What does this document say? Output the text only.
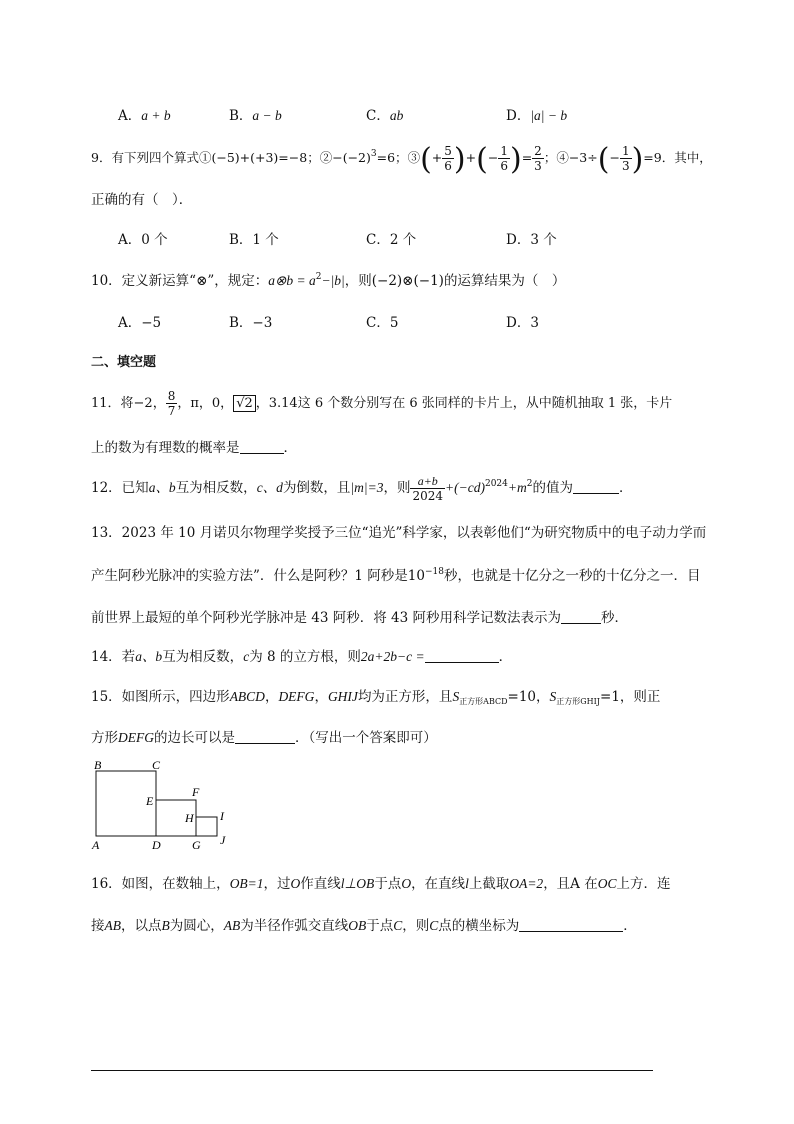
A．a + b	B．a − b	C．ab	D．|a| − b
9．有下列四个算式①(−5)+(+3)=−8；$②-(-2)^3=6$；③(+ $\frac{5}{6}$ )+(− $\frac{1}{6}$ )= $\frac{2}{3}$ ；④−3÷(− $\frac{1}{3} )=9$．其中，
正确的有（　）．
A．0 个	B．1 个	C．2 个	D．3 个
10．定义新运算“⊗”，规定：a⊗b = $a^2-|b|$，则(−2)⊗(−1)的运算结果为（　）
A．−5	B．−3	C．5	D．3
二、填空题
11．将−2， $\frac{8}{7}$ ，π，0， √2 ，3.14这 6 个数分别写在 6 张同样的卡片上，从中随机抽取 1 张，卡片
上的数为有理数的概率是	．
12．已知a、b互为相反数，c、d为倒数，且|m|=3，则 $\frac{a+b}{2024} +(-cd)^{2024}+m^2$的值为	．
13．2023 年 10 月诺贝尔物理学奖授予三位“追光”科学家，以表彰他们“为研究物质中的电子动力学而
产生阿秒光脉冲的实验方法”．什么是阿秒？1 阿秒是$10^{-18}$秒，也就是十亿分之一秒的十亿分之一．目
前世界上最短的单个阿秒光学脉冲是 43 阿秒．将 43 阿秒用科学记数法表示为	秒．
14．若a、b互为相反数，c为 8 的立方根，则2a+2b−c =	．
15．如图所示，四边形ABCD，DEFG，GHIJ均为正方形，且$S_{正方形ABCD}=10$，$S_{正方形GHIJ}=1$，则正
方形DEFG的边长可以是	．（写出一个答案即可）
B	C
A	D
E
F
G
H I
J
16．如图，在数轴上，OB=1，过O作直线l⊥OB于点O，在直线l上截取OA=2，且A 在OC上方．连
接AB，以点B为圆心，AB为半径作弧交直线OB于点C，则C点的横坐标为	．
